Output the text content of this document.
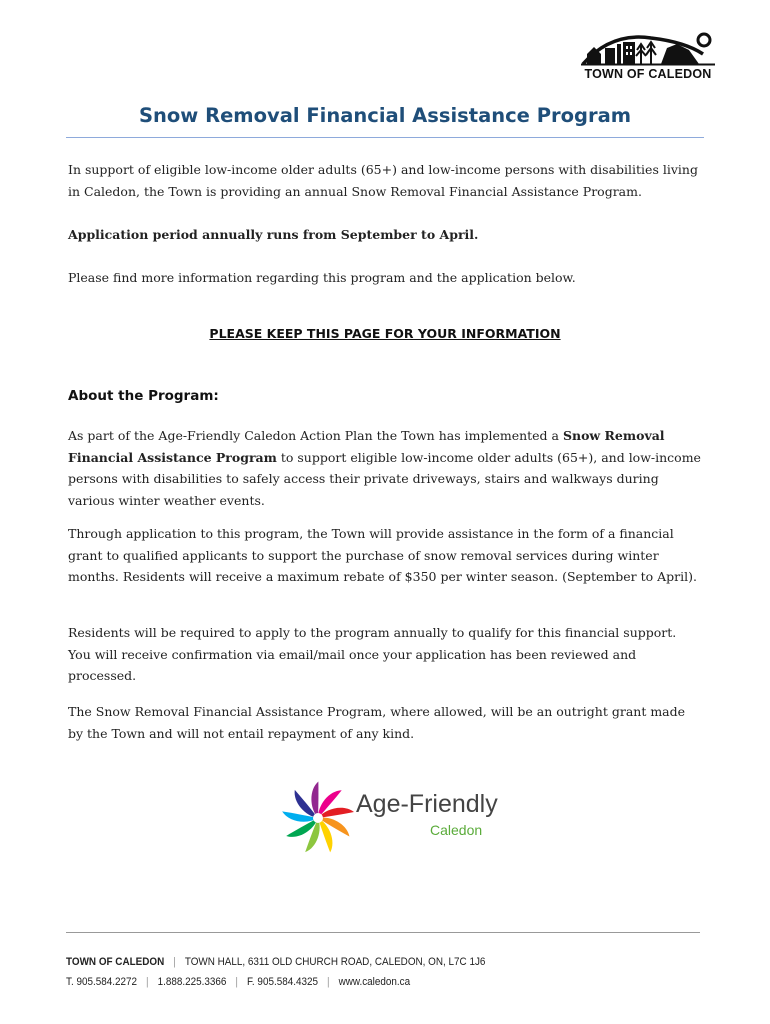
TOWN OF CALEDON
Snow Removal Financial Assistance Program

In support of eligible low-income older adults (65+) and low-income persons with disabilities living in Caledon, the Town is providing an annual Snow Removal Financial Assistance Program.

Application period annually runs from September to April.

Please find more information regarding this program and the application below.

PLEASE KEEP THIS PAGE FOR YOUR INFORMATION

About the Program:

As part of the Age-Friendly Caledon Action Plan the Town has implemented a Snow Removal Financial Assistance Program to support eligible low-income older adults (65+), and low-income persons with disabilities to safely access their private driveways, stairs and walkways during various winter weather events.

Through application to this program, the Town will provide assistance in the form of a financial grant to qualified applicants to support the purchase of snow removal services during winter months. Residents will receive a maximum rebate of $350 per winter season. (September to April).

Residents will be required to apply to the program annually to qualify for this financial support. You will receive confirmation via email/mail once your application has been reviewed and processed.

The Snow Removal Financial Assistance Program, where allowed, will be an outright grant made by the Town and will not entail repayment of any kind.

Age-Friendly
Caledon
TOWN OF CALEDON | TOWN HALL, 6311 OLD CHURCH ROAD, CALEDON, ON, L7C 1J6
T. 905.584.2272 | 1.888.225.3366 | F. 905.584.4325 | www.caledon.ca
